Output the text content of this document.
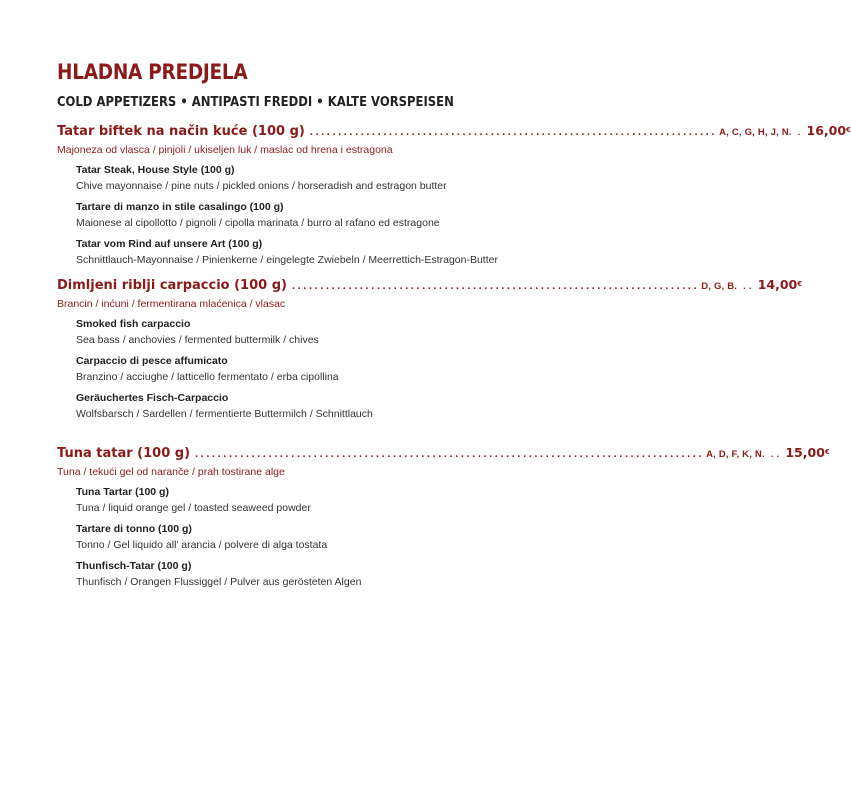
HLADNA PREDJELA
COLD APPETIZERS • ANTIPASTI FREDDI • KALTE VORSPEISEN
Tatar biftek na način kuće (100 g) ........................................................................ A, C, G, H, J, N. . 16,00€
Majoneza od vlasca / pinjoli / ukiseljen luk / maslac od hrena i estragona
Tatar Steak, House Style (100 g)
Chive mayonnaise / pine nuts / pickled onions / horseradish and estragon butter
Tartare di manzo in stile casalingo (100 g)
Maionese al cipollotto / pignoli / cipolla marinata / burro al rafano ed estragone
Tatar vom Rind auf unsere Art (100 g)
Schnittlauch-Mayonnaise / Pinienkerne / eingelegte Zwiebeln / Meerrettich-Estragon-Butter
Dimljeni riblji carpaccio (100 g) ........................................................................ D, G, B. . . 14,00€
Brancin / inćuni / fermentirana mlaćenica / vlasac
Smoked fish carpaccio
Sea bass / anchovies / fermented buttermilk / chives
Carpaccio di pesce affumicato
Branzino / acciughe / latticello fermentato / erba cipollina
Geräuchertes Fisch-Carpaccio
Wolfsbarsch / Sardellen / fermentierte Buttermilch / Schnittlauch
Tuna tatar (100 g) .......................................................................................... A, D, F, K, N. . . 15,00€
Tuna / tekući gel od naranče / prah tostirane alge
Tuna Tartar (100 g)
Tuna / liquid orange gel / toasted seaweed powder
Tartare di tonno (100 g)
Tonno / Gel liquido all’ arancia / polvere di alga tostata
Thunfisch-Tatar (100 g)
Thunfisch / Orangen Flussiggel / Pulver aus gerösteten Algen
